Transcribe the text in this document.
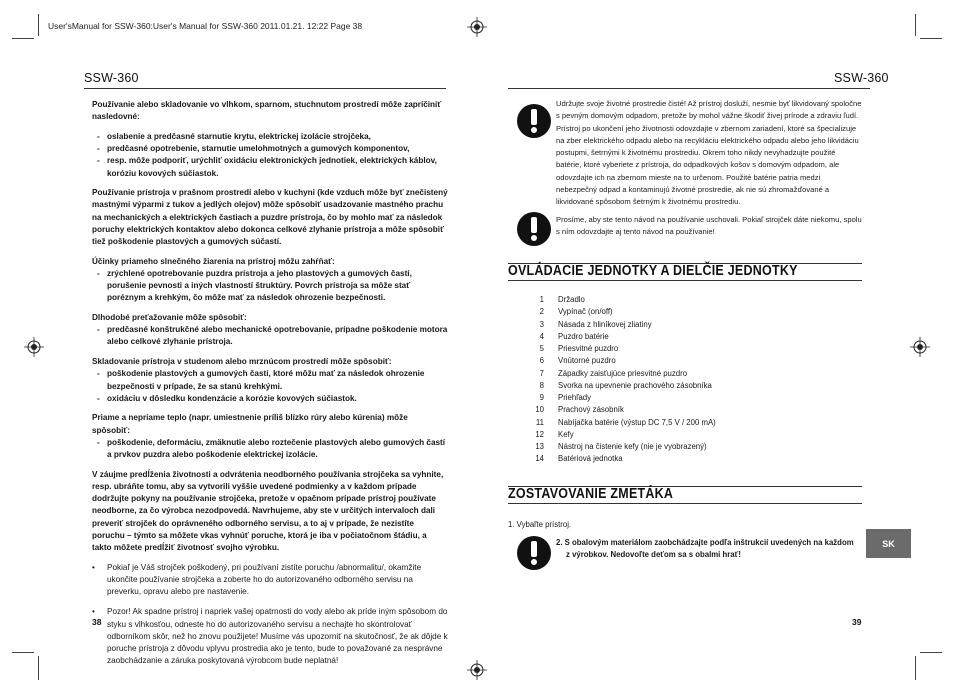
User'sManual for SSW-360:User's Manual for SSW-360 2011.01.21. 12:22 Page 38
SSW-360

Používanie alebo skladovanie vo vlhkom, sparnom, stuchnutom prostredí môže zapríčiniť nasledovné:

- oslabenie a predčasné starnutie krytu, elektrickej izolácie strojčeka,
- predčasné opotrebenie, starnutie umelohmotných a gumových komponentov,
- resp. môže podporiť, urýchliť oxidáciu elektronických jednotiek, elektrických káblov, koróziu kovových súčiastok.

Používanie prístroja v prašnom prostredí alebo v kuchyni (kde vzduch môže byť znečistený mastnými výparmi z tukov a jedlých olejov) môže spôsobiť usadzovanie mastného prachu na mechanických a elektrických častiach a puzdre prístroja, čo by mohlo mať za následok poruchy elektrických kontaktov alebo dokonca celkové zlyhanie prístroja a môže spôsobiť tiež poškodenie plastových a gumových súčastí.

Účinky priameho slnečného žiarenia na prístroj môžu zahŕňať:

- zrýchlené opotrebovanie puzdra prístroja a jeho plastových a gumových častí, porušenie pevnosti a iných vlastností štruktúry. Povrch prístroja sa môže stať poréznym a krehkým, čo môže mať za následok ohrozenie bezpečnosti.

Dlhodobé preťažovanie môže spôsobiť:

- predčasné konštrukčné alebo mechanické opotrebovanie, prípadne poškodenie motora alebo celkové zlyhanie prístroja.

Skladovanie prístroja v studenom alebo mrznúcom prostredí môže spôsobiť:

- poškodenie plastových a gumových častí, ktoré môžu mať za následok ohrozenie bezpečnosti v prípade, že sa stanú krehkými.
- oxidáciu v dôsledku kondenzácie a korózie kovových súčiastok.

Priame a nepriame teplo (napr. umiestnenie príliš blízko rúry alebo kúrenia) môže spôsobiť:

- poškodenie, deformáciu, zmäknutie alebo roztečenie plastových alebo gumových častí a prvkov puzdra alebo poškodenie elektrickej izolácie.

V záujme predĺženia životnosti a odvrátenia neodborného používania strojčeka sa vyhnite, resp. ubráňte tomu, aby sa vytvorili vyššie uvedené podmienky a v každom prípade dodržujte pokyny na používanie strojčeka, pretože v opačnom prípade prístroj používate neodborne, za čo výrobca nezodpovedá. Navrhujeme, aby ste v určitých intervaloch dali preveriť strojček do oprávneného odborného servisu, a to aj v prípade, že nezistíte poruchu – týmto sa môžete vkas vyhnúť poruche, ktorá je iba v počiatočnom štádiu, a takto môžete predĺžiť životnosť svojho výrobku.

• Pokiaľ je Váš strojček poškodený, pri používaní zistíte poruchu /abnormalitu/, okamžite ukončite používanie strojčeka a zoberte ho do autorizovaného odborného servisu na preverku, opravu alebo pre nastavenie.
• Pozor! Ak spadne prístroj i napriek vašej opatrnosti do vody alebo ak príde iným spôsobom do styku s vlhkosťou, odneste ho do autorizovaného servisu a nechajte ho skontrolovať odborníkom skôr, než ho znovu použijete! Musíme vás upozorniť na skutočnosť, že ak dôjde k poruche prístroja z dôvodu vplyvu prostredia ako je tento, bude to považované za nesprávne zaobchádzanie a záruka poskytovaná výrobcom bude neplatná!
38
SSW-360
Udržujte svoje životné prostredie čisté! Až prístroj dosluží, nesmie byť likvidovaný spoločne s pevným domovým odpadom, pretože by mohol vážne škodiť živej prírode a zdraviu ľudí. Prístroj po ukončení jeho životnosti odovzdajte v zbernom zariadení, ktoré sa špecializuje na zber elektrického odpadu alebo na recykláciu elektrického odpadu alebo jeho likvidáciu postupmi, šetrnými k životnému prostrediu. Okrem toho nikdy nevyhadzujte použité batérie, ktoré vyberiete z prístroja, do odpadkových košov s domovým odpadom, ale odovzdajte ich na zbernom mieste na to určenom. Použité batérie patria medzi nebezpečný odpad a kontaminujú životné prostredie, ak nie sú zhromažďované a likvidované spôsobom šetrným k životnému prostrediu.
Prosíme, aby ste tento návod na používanie uschovali. Pokiaľ strojček dáte niekomu, spolu s ním odovzdajte aj tento návod na používanie!
OVLÁDACIE JEDNOTKY A DIELČIE JEDNOTKY
1	Držadlo
2	Vypínač (on/off)
3	Násada z hliníkovej zliatiny
4	Puzdro batérie
5	Priesvitné puzdro
6	Vnútorné puzdro
7	Západky zaisťujúce priesvitné puzdro
8	Svorka na upevnenie prachového zásobníka
9	Priehľady
10	Prachový zásobník
11	Nabíjačka batérie (výstup DC 7,5 V / 200 mA)
12	Kefy
13	Nástroj na čistenie kefy (nie je vyobrazený)
14	Batériová jednotka
ZOSTAVOVANIE ZMETÁKA
1. Vybaľte prístroj.
2. S obalovým materiálom zaobchádzajte podľa inštrukcií uvedených na každom z výrobkov. Nedovoľte deťom sa s obalmi hrať!
SK
39
